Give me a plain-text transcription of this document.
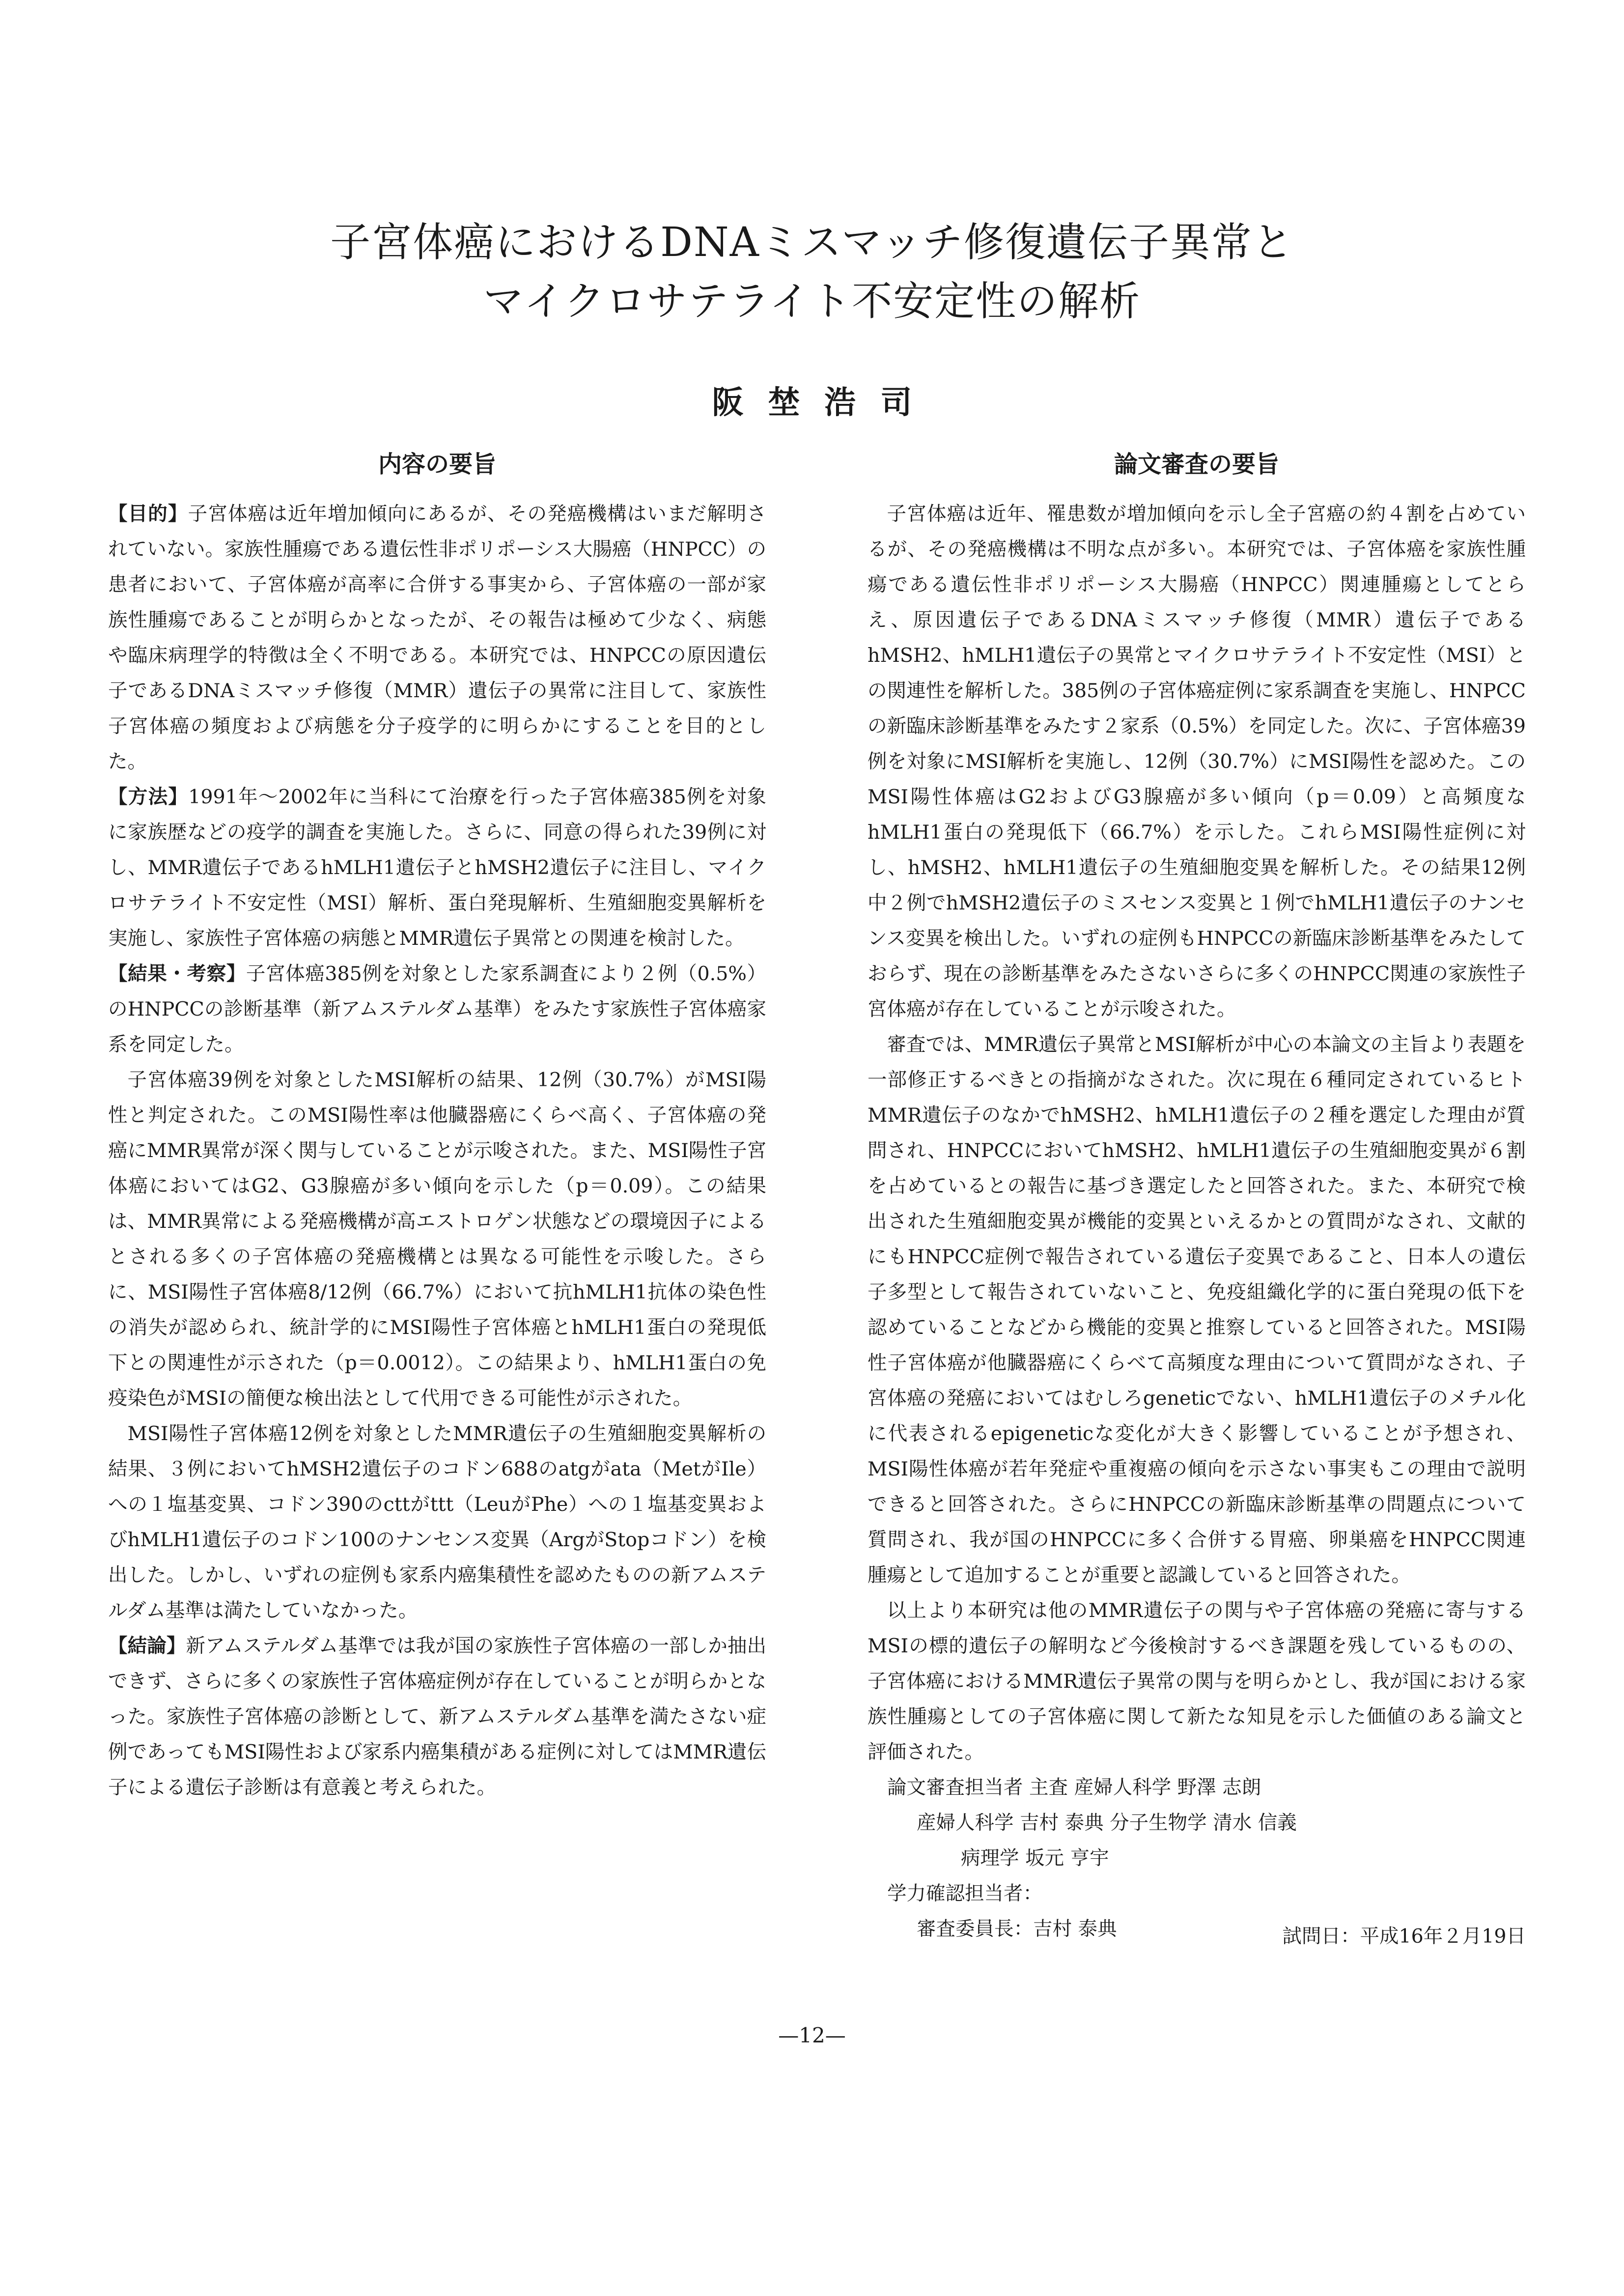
子宮体癌におけるDNAミスマッチ修復遺伝子異常と
マイクロサテライト不安定性の解析
阪 埜 浩 司
内容の要旨	論文審査の要旨

【目的】子宮体癌は近年増加傾向にあるが、その発癌機構はいまだ解明されていない。家族性腫瘍である遺伝性非ポリポーシス大腸癌（HNPCC）の患者において、子宮体癌が高率に合併する事実から、子宮体癌の一部が家族性腫瘍であることが明らかとなったが、その報告は極めて少なく、病態や臨床病理学的特徴は全く不明である。本研究では、HNPCCの原因遺伝子であるDNAミスマッチ修復（MMR）遺伝子の異常に注目して、家族性子宮体癌の頻度および病態を分子疫学的に明らかにすることを目的とした。

【方法】1991年〜2002年に当科にて治療を行った子宮体癌385例を対象に家族歴などの疫学的調査を実施した。さらに、同意の得られた39例に対し、MMR遺伝子であるhMLH1遺伝子とhMSH2遺伝子に注目し、マイクロサテライト不安定性（MSI）解析、蛋白発現解析、生殖細胞変異解析を実施し、家族性子宮体癌の病態とMMR遺伝子異常との関連を検討した。

【結果・考察】子宮体癌385例を対象とした家系調査により２例（0.5%）のHNPCCの診断基準（新アムステルダム基準）をみたす家族性子宮体癌家系を同定した。

子宮体癌39例を対象としたMSI解析の結果、12例（30.7%）がMSI陽性と判定された。このMSI陽性率は他臓器癌にくらべ高く、子宮体癌の発癌にMMR異常が深く関与していることが示唆された。また、MSI陽性子宮体癌においてはG2、G3腺癌が多い傾向を示した（p＝0.09）。この結果は、MMR異常による発癌機構が高エストロゲン状態などの環境因子によるとされる多くの子宮体癌の発癌機構とは異なる可能性を示唆した。さらに、MSI陽性子宮体癌8/12例（66.7%）において抗hMLH1抗体の染色性の消失が認められ、統計学的にMSI陽性子宮体癌とhMLH1蛋白の発現低下との関連性が示された（p＝0.0012）。この結果より、hMLH1蛋白の免疫染色がMSIの簡便な検出法として代用できる可能性が示された。

MSI陽性子宮体癌12例を対象としたMMR遺伝子の生殖細胞変異解析の結果、３例においてhMSH2遺伝子のコドン688のatgがata（MetがIle）への１塩基変異、コドン390のcttがttt（LeuがPhe）への１塩基変異およびhMLH1遺伝子のコドン100のナンセンス変異（ArgがStopコドン）を検出した。しかし、いずれの症例も家系内癌集積性を認めたものの新アムステルダム基準は満たしていなかった。

【結論】新アムステルダム基準では我が国の家族性子宮体癌の一部しか抽出できず、さらに多くの家族性子宮体癌症例が存在していることが明らかとなった。家族性子宮体癌の診断として、新アムステルダム基準を満たさない症例であってもMSI陽性および家系内癌集積がある症例に対してはMMR遺伝子による遺伝子診断は有意義と考えられた。

子宮体癌は近年、罹患数が増加傾向を示し全子宮癌の約４割を占めているが、その発癌機構は不明な点が多い。本研究では、子宮体癌を家族性腫瘍である遺伝性非ポリポーシス大腸癌（HNPCC）関連腫瘍としてとらえ、原因遺伝子であるDNAミスマッチ修復（MMR）遺伝子であるhMSH2、hMLH1遺伝子の異常とマイクロサテライト不安定性（MSI）との関連性を解析した。385例の子宮体癌症例に家系調査を実施し、HNPCCの新臨床診断基準をみたす２家系（0.5%）を同定した。次に、子宮体癌39例を対象にMSI解析を実施し、12例（30.7%）にMSI陽性を認めた。このMSI陽性体癌はG2およびG3腺癌が多い傾向（p＝0.09）と高頻度なhMLH1蛋白の発現低下（66.7%）を示した。これらMSI陽性症例に対し、hMSH2、hMLH1遺伝子の生殖細胞変異を解析した。その結果12例中２例でhMSH2遺伝子のミスセンス変異と１例でhMLH1遺伝子のナンセンス変異を検出した。いずれの症例もHNPCCの新臨床診断基準をみたしておらず、現在の診断基準をみたさないさらに多くのHNPCC関連の家族性子宮体癌が存在していることが示唆された。

審査では、MMR遺伝子異常とMSI解析が中心の本論文の主旨より表題を一部修正するべきとの指摘がなされた。次に現在６種同定されているヒトMMR遺伝子のなかでhMSH2、hMLH1遺伝子の２種を選定した理由が質問され、HNPCCにおいてhMSH2、hMLH1遺伝子の生殖細胞変異が６割を占めているとの報告に基づき選定したと回答された。また、本研究で検出された生殖細胞変異が機能的変異といえるかとの質問がなされ、文献的にもHNPCC症例で報告されている遺伝子変異であること、日本人の遺伝子多型として報告されていないこと、免疫組織化学的に蛋白発現の低下を認めていることなどから機能的変異と推察していると回答された。MSI陽性子宮体癌が他臓器癌にくらべて高頻度な理由について質問がなされ、子宮体癌の発癌においてはむしろgeneticでない、hMLH1遺伝子のメチル化に代表されるepigeneticな変化が大きく影響していることが予想され、MSI陽性体癌が若年発症や重複癌の傾向を示さない事実もこの理由で説明できると回答された。さらにHNPCCの新臨床診断基準の問題点について質問され、我が国のHNPCCに多く合併する胃癌、卵巣癌をHNPCC関連腫瘍として追加することが重要と認識していると回答された。

以上より本研究は他のMMR遺伝子の関与や子宮体癌の発癌に寄与するMSIの標的遺伝子の解明など今後検討するべき課題を残しているものの、子宮体癌におけるMMR遺伝子異常の関与を明らかとし、我が国における家族性腫瘍としての子宮体癌に関して新たな知見を示した価値のある論文と評価された。

論文審査担当者 主査 産婦人科学 野澤 志朗

産婦人科学 吉村 泰典 分子生物学 清水 信義

病理学 坂元 亨宇

学力確認担当者：

審査委員長：吉村 泰典	試問日：平成16年２月19日
—12—
